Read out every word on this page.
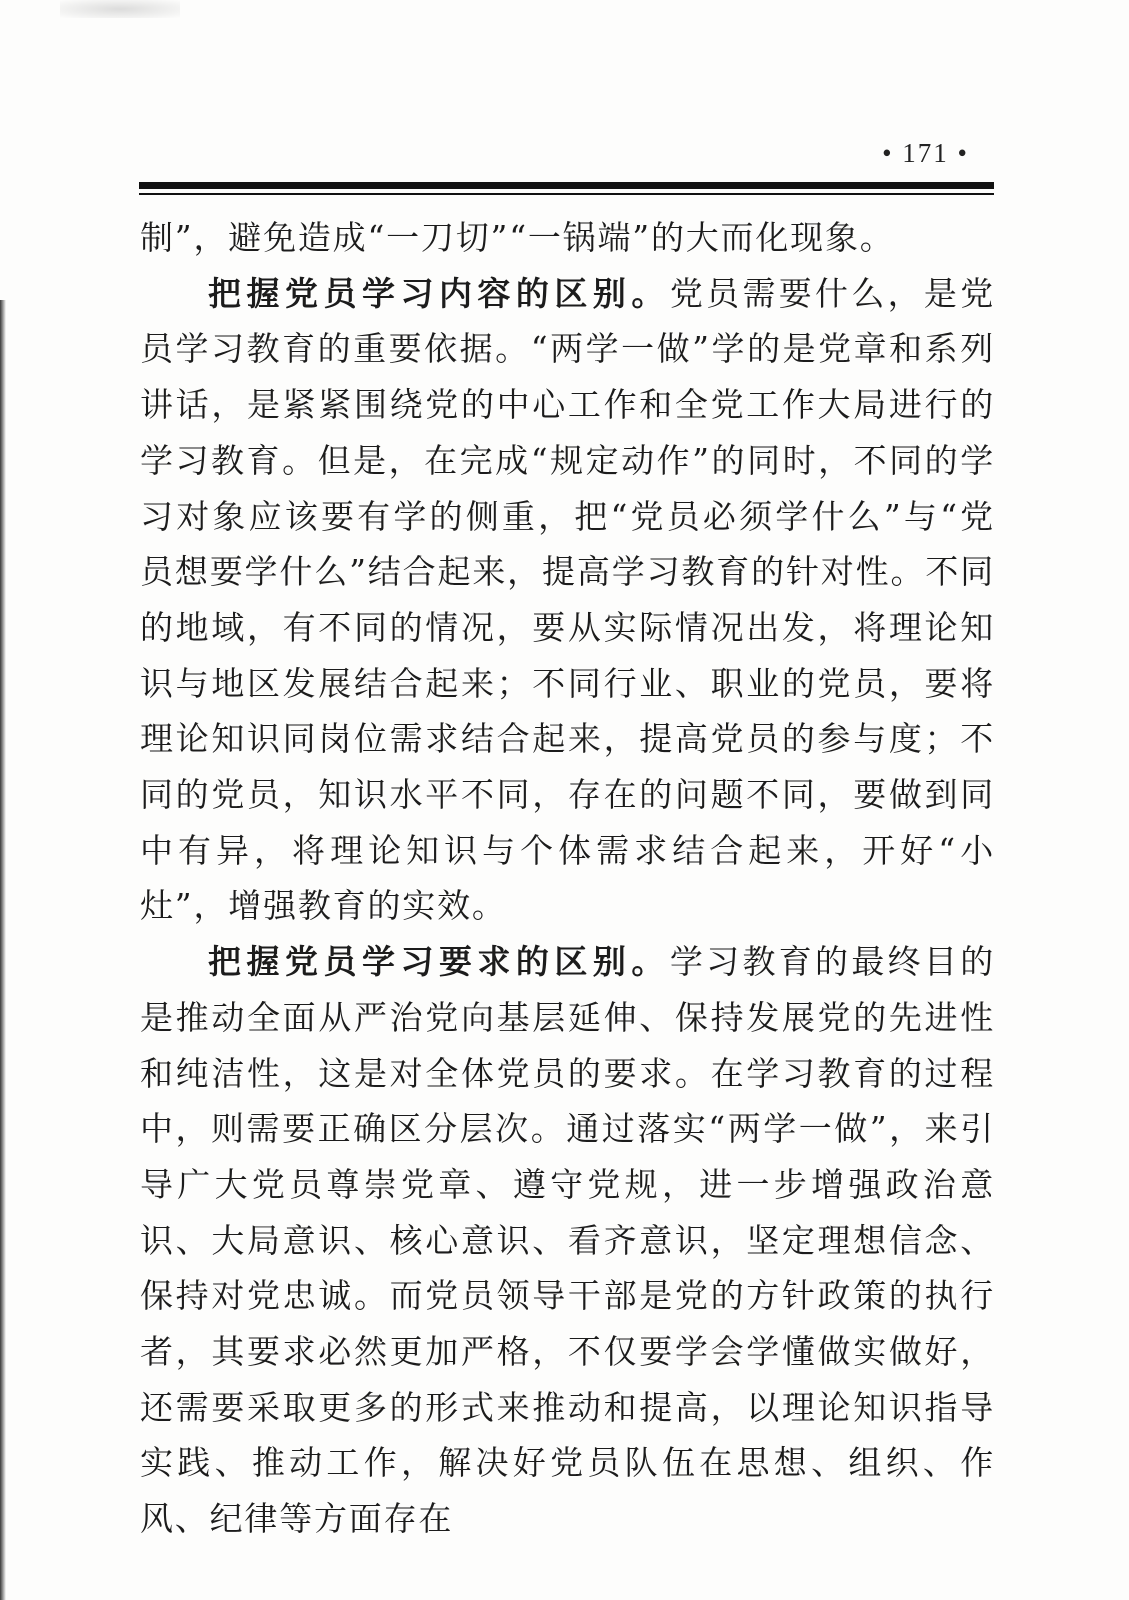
• 171 •

制”，避免造成“一刀切”“一锅端”的大而化现象。

把握党员学习内容的区别。党员需要什么，是党员学习教育的重要依据。“两学一做”学的是党章和系列讲话，是紧紧围绕党的中心工作和全党工作大局进行的学习教育。但是，在完成“规定动作”的同时，不同的学习对象应该要有学的侧重，把“党员必须学什么”与“党员想要学什么”结合起来，提高学习教育的针对性。不同的地域，有不同的情况，要从实际情况出发，将理论知识与地区发展结合起来；不同行业、职业的党员，要将理论知识同岗位需求结合起来，提高党员的参与度；不同的党员，知识水平不同，存在的问题不同，要做到同中有异，将理论知识与个体需求结合起来，开好“小灶”，增强教育的实效。

把握党员学习要求的区别。学习教育的最终目的是推动全面从严治党向基层延伸、保持发展党的先进性和纯洁性，这是对全体党员的要求。在学习教育的过程中，则需要正确区分层次。通过落实“两学一做”，来引导广大党员尊崇党章、遵守党规，进一步增强政治意识、大局意识、核心意识、看齐意识，坚定理想信念、保持对党忠诚。而党员领导干部是党的方针政策的执行者，其要求必然更加严格，不仅要学会学懂做实做好，还需要采取更多的形式来推动和提高，以理论知识指导实践、推动工作，解决好党员队伍在思想、组织、作风、纪律等方面存在
